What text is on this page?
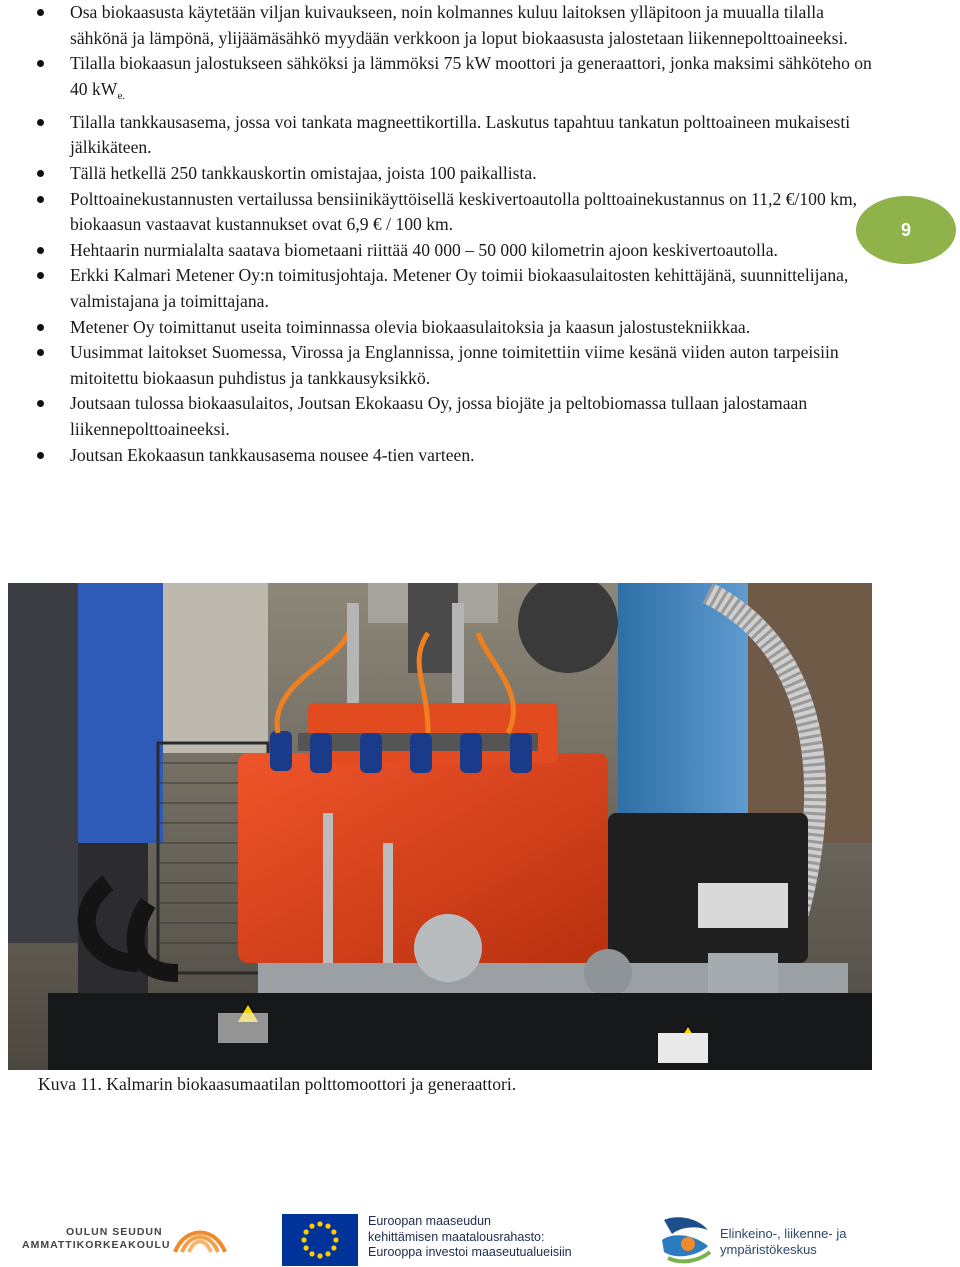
Osa biokaasusta käytetään viljan kuivaukseen, noin kolmannes kuluu laitoksen ylläpitoon ja muualla tilalla sähkönä ja lämpönä, ylijäämäsähkö myydään verkkoon ja loput biokaasusta jalostetaan liikennepolttoaineeksi.
Tilalla biokaasun jalostukseen sähköksi ja lämmöksi 75 kW moottori ja generaattori, jonka maksimi sähköteho on 40 kW $_{e.}$
Tilalla tankkausasema, jossa voi tankata magneettikortilla. Laskutus tapahtuu tankatun polttoaineen mukaisesti jälkikäteen.
Tällä hetkellä 250 tankkauskortin omistajaa, joista 100 paikallista.
Polttoainekustannusten vertailussa bensiinikäyttöisellä keskivertoautolla polttoainekustannus on 11,2 €/100 km, biokaasun vastaavat kustannukset ovat 6,9 € / 100 km.
Hehtaarin nurmialalta saatava biometaani riittää 40 000 – 50 000 kilometrin ajoon keskivertoautolla.
Erkki Kalmari Metener Oy:n toimitusjohtaja. Metener Oy toimii biokaasulaitosten kehittäjänä, suunnittelijana, valmistajana ja toimittajana.
Metener Oy toimittanut useita toiminnassa olevia biokaasulaitoksia ja kaasun jalostustekniikkaa.
Uusimmat laitokset Suomessa, Virossa ja Englannissa, jonne toimitettiin viime kesänä viiden auton tarpeisiin mitoitettu biokaasun puhdistus ja tankkausyksikkö.
Joutsaan tulossa biokaasulaitos, Joutsan Ekokaasu Oy, jossa biojäte ja peltobiomassa tullaan jalostamaan liikennepolttoaineeksi.
Joutsan Ekokaasun tankkausasema nousee 4-tien varteen.
9
Kuva 11. Kalmarin biokaasumaatilan polttomoottori ja generaattori.
OULUN SEUDUN
AMMATTIKORKEAKOULU
Euroopan maaseudun
kehittämisen maatalousrahasto:
Eurooppa investoi maaseutualueisiin
Elinkeino-, liikenne- ja
ympäristökeskus
